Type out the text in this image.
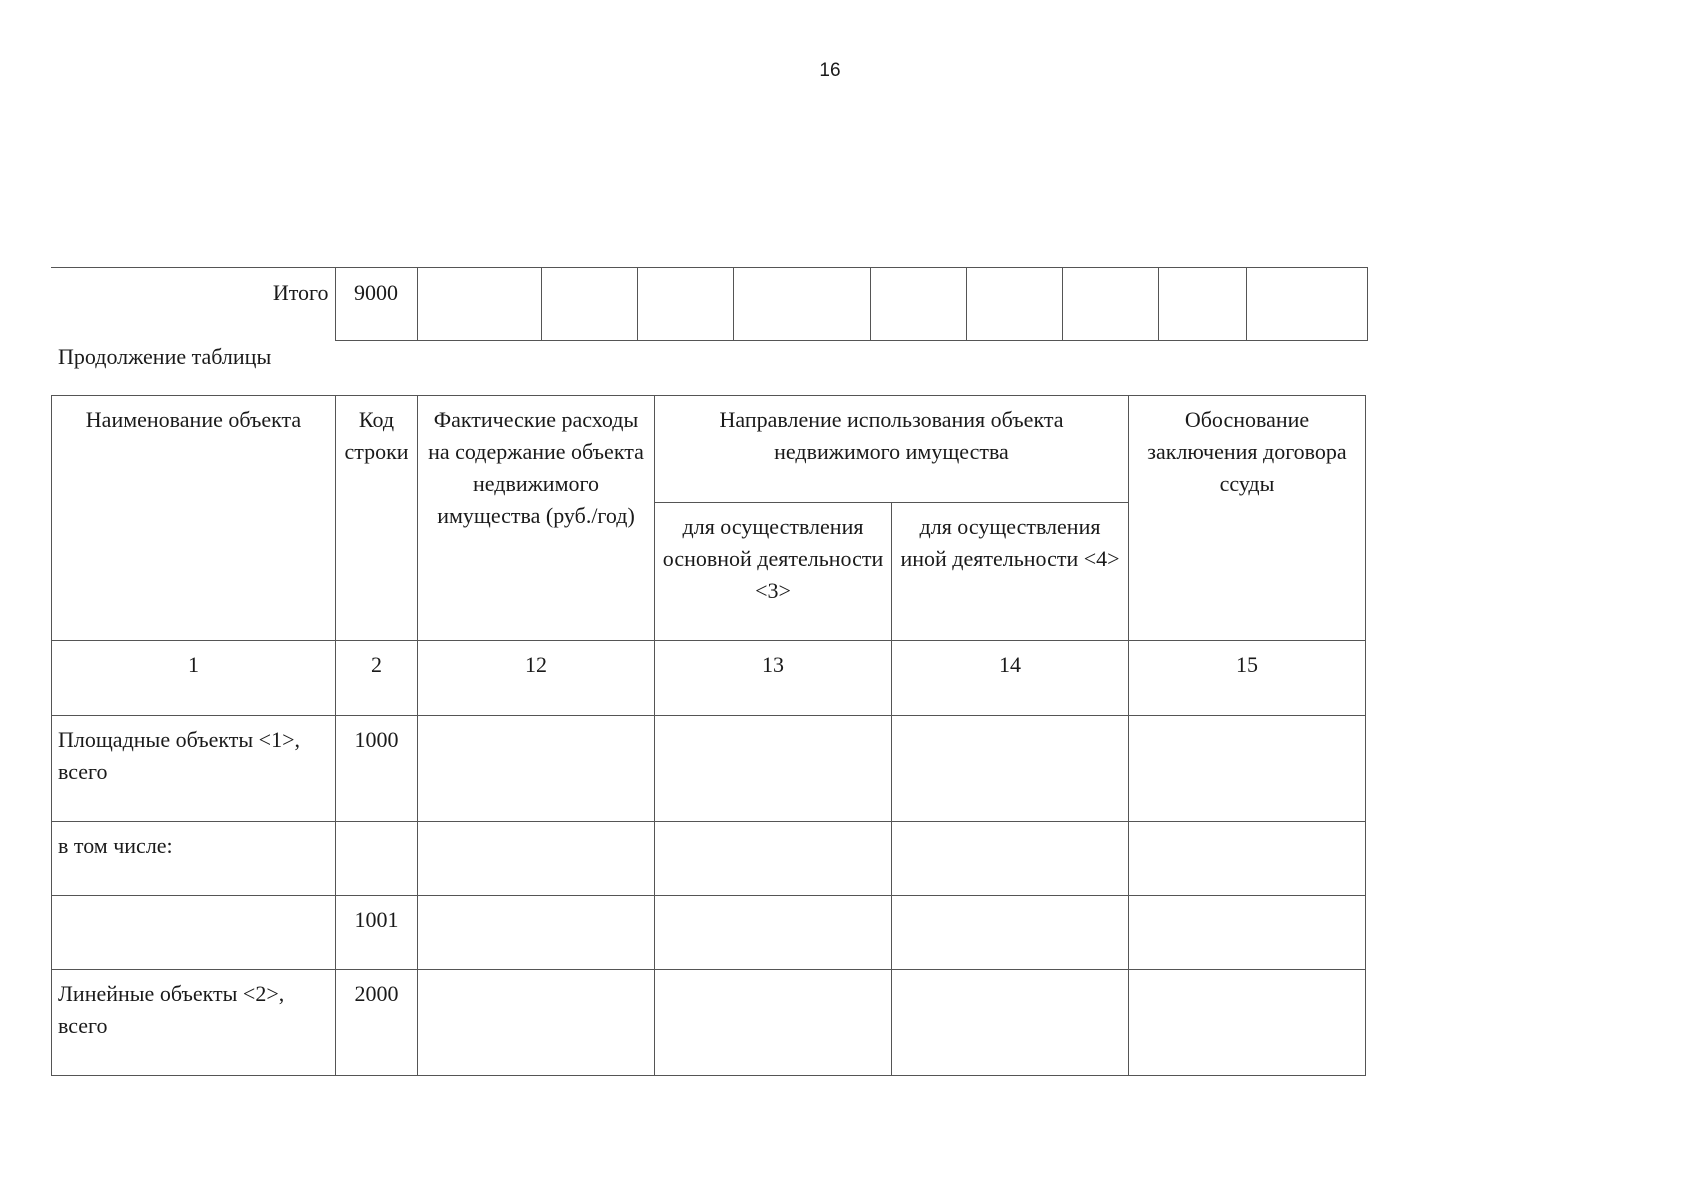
16
Итого	9000									
Продолжение таблицы
Наименование объекта	Код строки	Фактические расходы на содержание объекта недвижимого имущества (руб./год)	Направление использования объекта недвижимого имущества		Обоснование заключения договора ссуды
			для осуществления основной деятельности <3>	для осуществления иной деятельности <4>	
1	2	12	13	14	15
Площадные объекты <1>, всего	1000				
в том числе:					
	1001				
Линейные объекты <2>, всего	2000				
